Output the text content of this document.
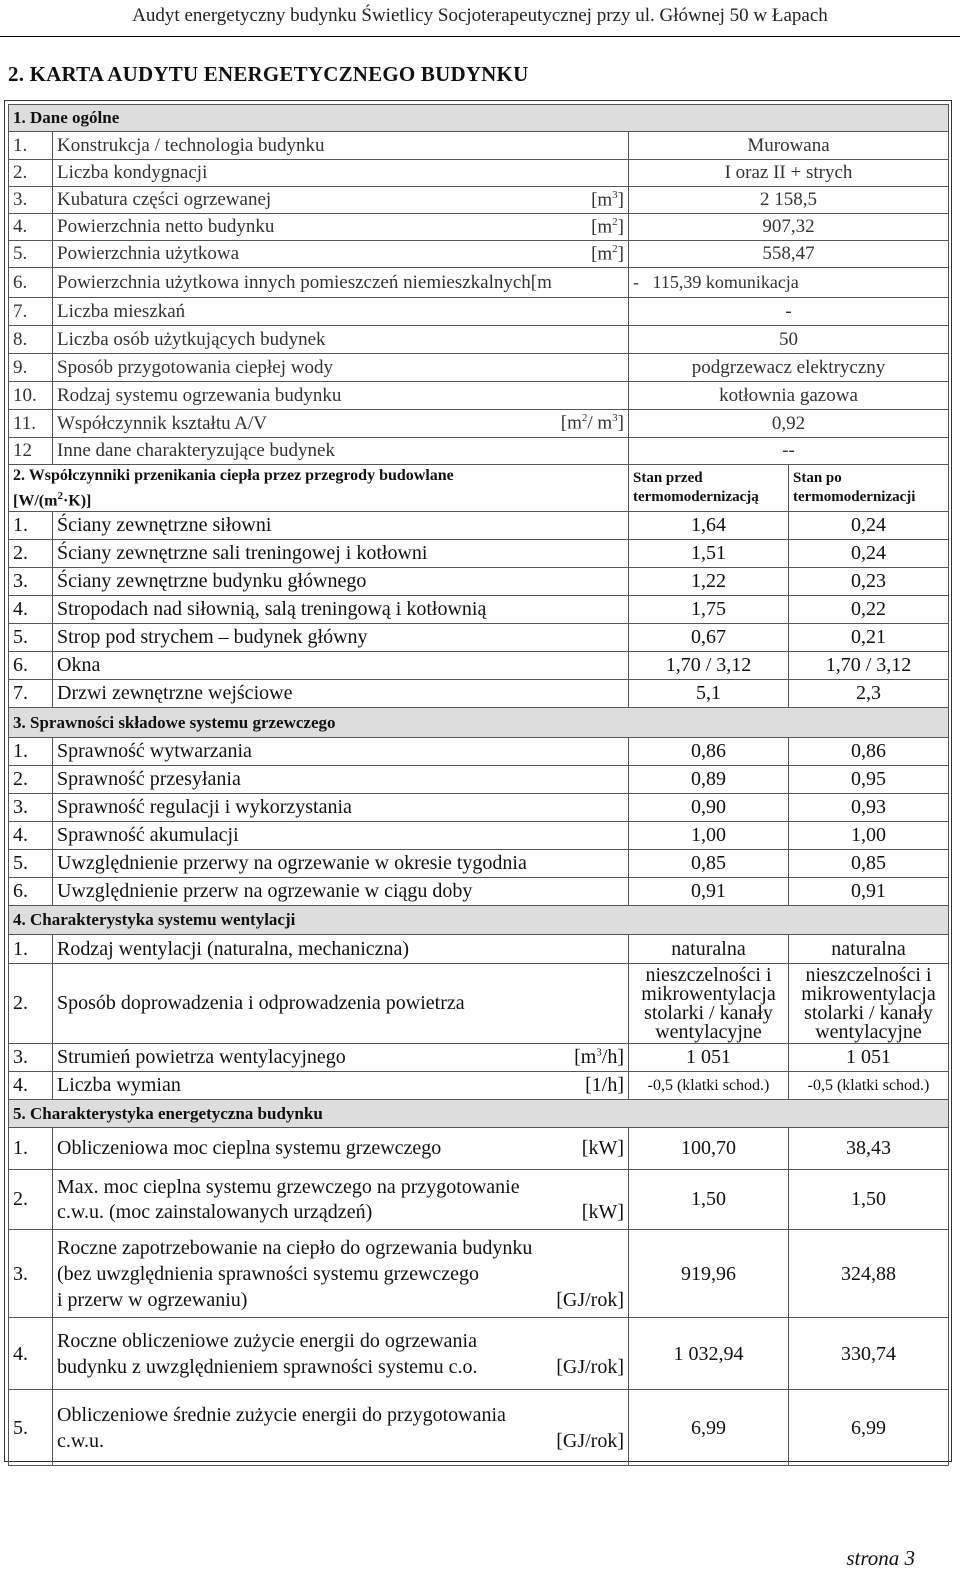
Audyt energetyczny budynku Świetlicy Socjoterapeutycznej przy ul. Głównej 50 w Łapach
2. KARTA AUDYTU ENERGETYCZNEGO BUDYNKU
1. Dane ogólne			
1.	Konstrukcja / technologia budynku	Murowana	
2.	Liczba kondygnacji	I oraz II + strych	
3.	Kubatura części ogrzewanej $[m^3]$	2 158,5	
4.	Powierzchnia netto budynku $[m^2]$	907,32	
5.	Powierzchnia użytkowa $[m^2]$	558,47	
6.	Powierzchnia użytkowa innych pomieszczeń niemieszkalnych[m	-   115,39 komunikacja	
7.	Liczba mieszkań	-	
8.	Liczba osób użytkujących budynek	50	
9.	Sposób przygotowania ciepłej wody	podgrzewacz elektryczny	
10.	Rodzaj systemu ogrzewania budynku	kotłownia gazowa	
11.	Współczynnik kształtu A/V [$m^2/$ $m^3$]	0,92	
12	Inne dane charakteryzujące budynek	--	

2. Współczynniki przenikania ciepła przez przegrody budowlane
$[W/(m^2\cdot K)]$		Stan przed termomodernizacją	Stan po termomodernizacji
1.	Ściany zewnętrzne siłowni	1,64	0,24
2.	Ściany zewnętrzne sali treningowej i kotłowni	1,51	0,24
3.	Ściany zewnętrzne budynku głównego	1,22	0,23
4.	Stropodach nad siłownią, salą treningową i kotłownią	1,75	0,22
5.	Strop pod strychem – budynek główny	0,67	0,21
6.	Okna	1,70 / 3,12	1,70 / 3,12
7.	Drzwi zewnętrzne wejściowe	5,1	2,3
3. Sprawności składowe systemu grzewczego			
1.	Sprawność wytwarzania	0,86	0,86
2.	Sprawność przesyłania	0,89	0,95
3.	Sprawność regulacji i wykorzystania	0,90	0,93
4.	Sprawność akumulacji	1,00	1,00
5.	Uwzględnienie przerwy na ogrzewanie w okresie tygodnia	0,85	0,85
6.	Uwzględnienie przerw na ogrzewanie w ciągu doby	0,91	0,91
4. Charakterystyka systemu wentylacji			
1.	Rodzaj wentylacji (naturalna, mechaniczna)	naturalna	naturalna
2.	Sposób doprowadzenia i odprowadzenia powietrza	nieszczelności i mikrowentylacja stolarki / kanały wentylacyjne	nieszczelności i mikrowentylacja stolarki / kanały wentylacyjne
3.	Strumień powietrza wentylacyjnego $[m^3/h]$	1 051	1 051
4.	Liczba wymian [1/h]	-0,5 (klatki schod.)	-0,5 (klatki schod.)
5. Charakterystyka energetyczna budynku			
1.	Obliczeniowa moc cieplna systemu grzewczego [kW]	100,70	38,43
2.	Max. moc cieplna systemu grzewczego na przygotowanie
c.w.u. (moc zainstalowanych urządzeń) [kW]	1,50	1,50
3.	Roczne zapotrzebowanie na ciepło do ogrzewania budynku
(bez uwzględnienia sprawności systemu grzewczego
i przerw w ogrzewaniu) [GJ/rok]	919,96	324,88
4.	Roczne obliczeniowe zużycie energii do ogrzewania
budynku z uwzględnieniem sprawności systemu c.o. [GJ/rok]	1 032,94	330,74
5.	Obliczeniowe średnie zużycie energii do przygotowania
c.w.u. [GJ/rok]	6,99	6,99
strona 3
